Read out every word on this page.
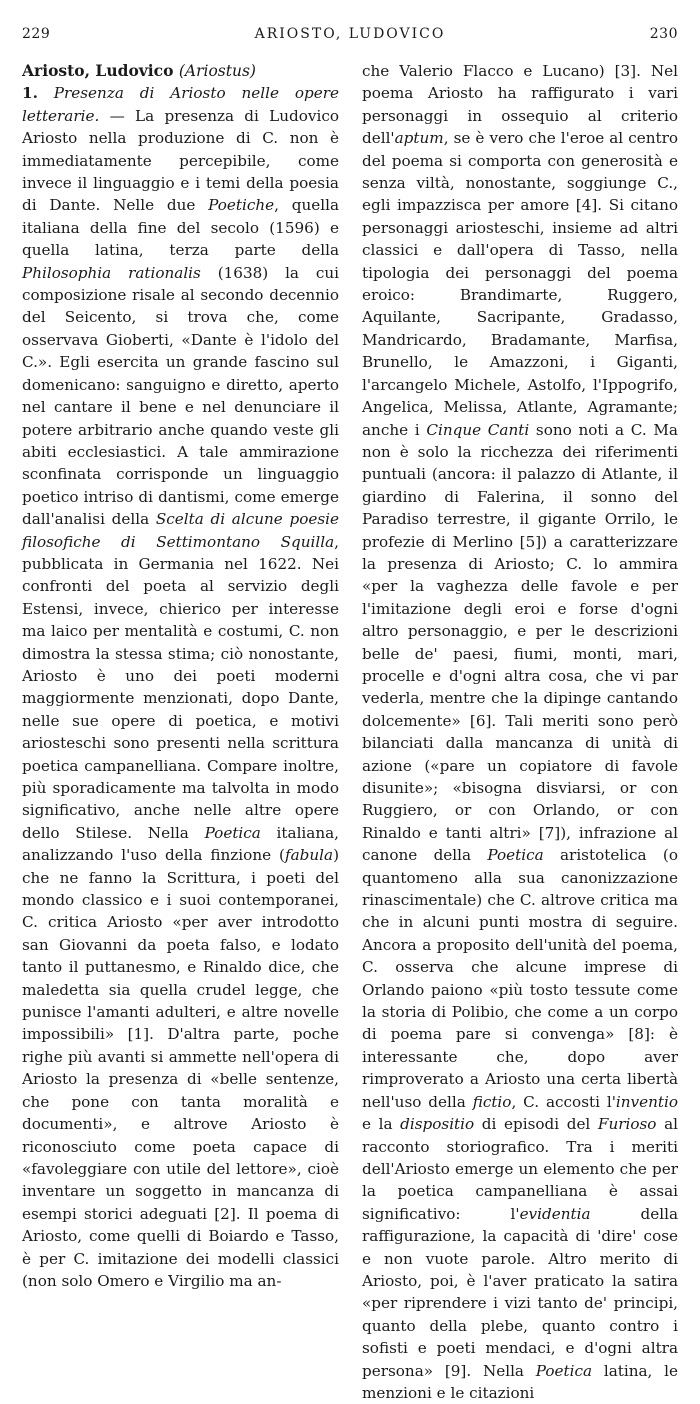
229	ARIOSTO, LUDOVICO	230

Ariosto, Ludovico (Ariostus)

1. Presenza di Ariosto nelle opere letterarie. — La presenza di Ludovico Ariosto nella produzione di C. non è immediatamente percepibile, come invece il linguaggio e i temi della poesia di Dante. Nelle due Poetiche, quella italiana della fine del secolo (1596) e quella latina, terza parte della Philosophia rationalis (1638) la cui composizione risale al secondo decennio del Seicento, si trova che, come osservava Gioberti, «Dante è l'idolo del C.». Egli esercita un grande fascino sul domenicano: sanguigno e diretto, aperto nel cantare il bene e nel denunciare il potere arbitrario anche quando veste gli abiti ecclesiastici. A tale ammirazione sconfinata corrisponde un linguaggio poetico intriso di dantismi, come emerge dall'analisi della Scelta di alcune poesie filosofiche di Settimontano Squilla, pubblicata in Germania nel 1622. Nei confronti del poeta al servizio degli Estensi, invece, chierico per interesse ma laico per mentalità e costumi, C. non dimostra la stessa stima; ciò nonostante, Ariosto è uno dei poeti moderni maggiormente menzionati, dopo Dante, nelle sue opere di poetica, e motivi ariosteschi sono presenti nella scrittura poetica campanelliana. Compare inoltre, più sporadicamente ma talvolta in modo significativo, anche nelle altre opere dello Stilese. Nella Poetica italiana, analizzando l'uso della finzione (fabula) che ne fanno la Scrittura, i poeti del mondo classico e i suoi contemporanei, C. critica Ariosto «per aver introdotto san Giovanni da poeta falso, e lodato tanto il puttanesmo, e Rinaldo dice, che maledetta sia quella crudel legge, che punisce l'amanti adulteri, e altre novelle impossibili» [1]. D'altra parte, poche righe più avanti si ammette nell'opera di Ariosto la presenza di «belle sentenze, che pone con tanta moralità e documenti», e altrove Ariosto è riconosciuto come poeta capace di «favoleggiare con utile del lettore», cioè inventare un soggetto in mancanza di esempi storici adeguati [2]. Il poema di Ariosto, come quelli di Boiardo e Tasso, è per C. imitazione dei modelli classici (non solo Omero e Virgilio ma an-

che Valerio Flacco e Lucano) [3]. Nel poema Ariosto ha raffigurato i vari personaggi in ossequio al criterio dell'aptum, se è vero che l'eroe al centro del poema si comporta con generosità e senza viltà, nonostante, soggiunge C., egli impazzisca per amore [4]. Si citano personaggi ariosteschi, insieme ad altri classici e dall'opera di Tasso, nella tipologia dei personaggi del poema eroico: Brandimarte, Ruggero, Aquilante, Sacripante, Gradasso, Mandricardo, Bradamante, Marfisa, Brunello, le Amazzoni, i Giganti, l'arcangelo Michele, Astolfo, l'Ippogrifo, Angelica, Melissa, Atlante, Agramante; anche i Cinque Canti sono noti a C. Ma non è solo la ricchezza dei riferimenti puntuali (ancora: il palazzo di Atlante, il giardino di Falerina, il sonno del Paradiso terrestre, il gigante Orrilo, le profezie di Merlino [5]) a caratterizzare la presenza di Ariosto; C. lo ammira «per la vaghezza delle favole e per l'imitazione degli eroi e forse d'ogni altro personaggio, e per le descrizioni belle de' paesi, fiumi, monti, mari, procelle e d'ogni altra cosa, che vi par vederla, mentre che la dipinge cantando dolcemente» [6]. Tali meriti sono però bilanciati dalla mancanza di unità di azione («pare un copiatore di favole disunite»; «bisogna disviarsi, or con Ruggiero, or con Orlando, or con Rinaldo e tanti altri» [7]), infrazione al canone della Poetica aristotelica (o quantomeno alla sua canonizzazione rinascimentale) che C. altrove critica ma che in alcuni punti mostra di seguire. Ancora a proposito dell'unità del poema, C. osserva che alcune imprese di Orlando paiono «più tosto tessute come la storia di Polibio, che come a un corpo di poema pare si convenga» [8]: è interessante che, dopo aver rimproverato a Ariosto una certa libertà nell'uso della fictio, C. accosti l'inventio e la dispositio di episodi del Furioso al racconto storiografico. Tra i meriti dell'Ariosto emerge un elemento che per la poetica campanelliana è assai significativo: l'evidentia della raffigurazione, la capacità di 'dire' cose e non vuote parole. Altro merito di Ariosto, poi, è l'aver praticato la satira «per riprendere i vizi tanto de' principi, quanto della plebe, quanto contro i sofisti e poeti mendaci, e d'ogni altra persona» [9]. Nella Poetica latina, le menzioni e le citazioni
